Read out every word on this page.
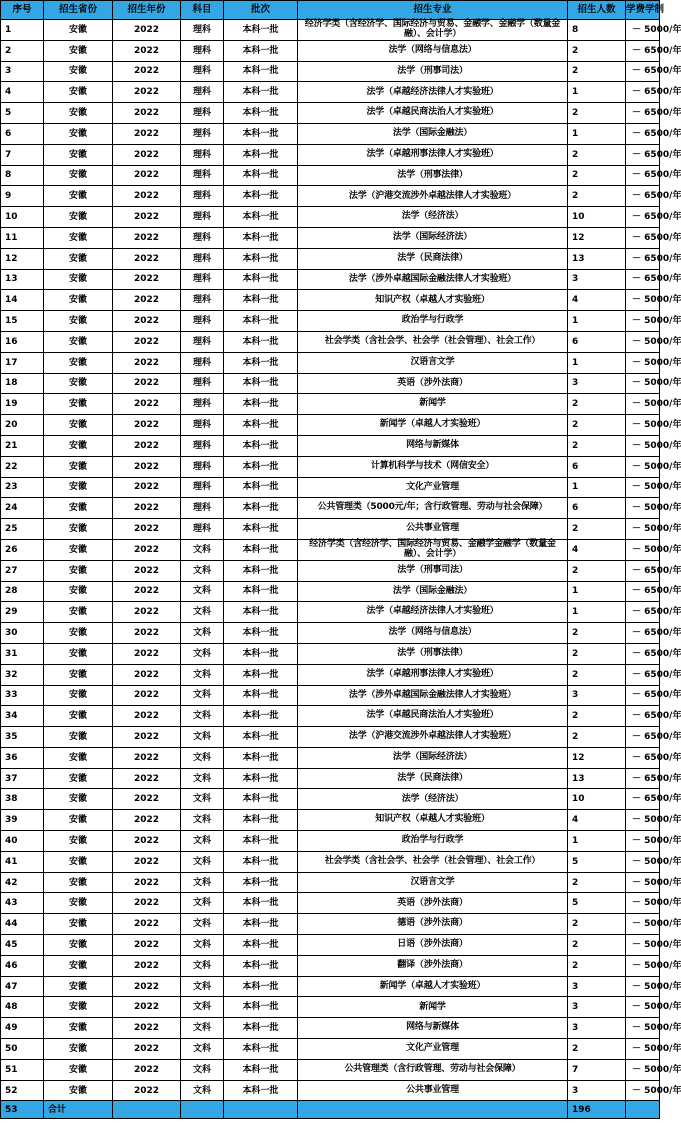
序号	招生省份	招生年份	科目	批次	招生专业	招生人数	学费学制
1	安徽	2022	理科	本科一批	经济学类（含经济学、国际经济与贸易、金融学、金融学（数量金融）、会计学）	8	－ 5000/年
2	安徽	2022	理科	本科一批	法学（网络与信息法）	2	－ 6500/年
3	安徽	2022	理科	本科一批	法学（刑事司法）	2	－ 6500/年
4	安徽	2022	理科	本科一批	法学（卓越经济法律人才实验班）	1	－ 6500/年
5	安徽	2022	理科	本科一批	法学（卓越民商法治人才实验班）	2	－ 6500/年
6	安徽	2022	理科	本科一批	法学（国际金融法）	1	－ 6500/年
7	安徽	2022	理科	本科一批	法学（卓越刑事法律人才实验班）	2	－ 6500/年
8	安徽	2022	理科	本科一批	法学（刑事法律）	2	－ 6500/年
9	安徽	2022	理科	本科一批	法学（沪港交流涉外卓越法律人才实验班）	2	－ 6500/年
10	安徽	2022	理科	本科一批	法学（经济法）	10	－ 6500/年
11	安徽	2022	理科	本科一批	法学（国际经济法）	12	－ 6500/年
12	安徽	2022	理科	本科一批	法学（民商法律）	13	－ 6500/年
13	安徽	2022	理科	本科一批	法学（涉外卓越国际金融法律人才实验班）	3	－ 6500/年
14	安徽	2022	理科	本科一批	知识产权（卓越人才实验班）	4	－ 5000/年
15	安徽	2022	理科	本科一批	政治学与行政学	1	－ 5000/年
16	安徽	2022	理科	本科一批	社会学类（含社会学、社会学（社会管理）、社会工作）	6	－ 5000/年
17	安徽	2022	理科	本科一批	汉语言文学	1	－ 5000/年
18	安徽	2022	理科	本科一批	英语（涉外法商）	3	－ 5000/年
19	安徽	2022	理科	本科一批	新闻学	2	－ 5000/年
20	安徽	2022	理科	本科一批	新闻学（卓越人才实验班）	2	－ 5000/年
21	安徽	2022	理科	本科一批	网络与新媒体	2	－ 5000/年
22	安徽	2022	理科	本科一批	计算机科学与技术（网信安全）	6	－ 5000/年
23	安徽	2022	理科	本科一批	文化产业管理	1	－ 5000/年
24	安徽	2022	理科	本科一批	公共管理类（5000元/年；含行政管理、劳动与社会保障）	6	－ 5000/年
25	安徽	2022	理科	本科一批	公共事业管理	2	－ 5000/年
26	安徽	2022	文科	本科一批	经济学类（含经济学、国际经济与贸易、金融学金融学（数量金融）、会计学）	4	－ 5000/年
27	安徽	2022	文科	本科一批	法学（刑事司法）	2	－ 6500/年
28	安徽	2022	文科	本科一批	法学（国际金融法）	1	－ 6500/年
29	安徽	2022	文科	本科一批	法学（卓越经济法律人才实验班）	1	－ 6500/年
30	安徽	2022	文科	本科一批	法学（网络与信息法）	2	－ 6500/年
31	安徽	2022	文科	本科一批	法学（刑事法律）	2	－ 6500/年
32	安徽	2022	文科	本科一批	法学（卓越刑事法律人才实验班）	2	－ 6500/年
33	安徽	2022	文科	本科一批	法学（涉外卓越国际金融法律人才实验班）	3	－ 6500/年
34	安徽	2022	文科	本科一批	法学（卓越民商法治人才实验班）	2	－ 6500/年
35	安徽	2022	文科	本科一批	法学（沪港交流涉外卓越法律人才实验班）	2	－ 6500/年
36	安徽	2022	文科	本科一批	法学（国际经济法）	12	－ 6500/年
37	安徽	2022	文科	本科一批	法学（民商法律）	13	－ 6500/年
38	安徽	2022	文科	本科一批	法学（经济法）	10	－ 6500/年
39	安徽	2022	文科	本科一批	知识产权（卓越人才实验班）	4	－ 5000/年
40	安徽	2022	文科	本科一批	政治学与行政学	1	－ 5000/年
41	安徽	2022	文科	本科一批	社会学类（含社会学、社会学（社会管理）、社会工作）	5	－ 5000/年
42	安徽	2022	文科	本科一批	汉语言文学	2	－ 5000/年
43	安徽	2022	文科	本科一批	英语（涉外法商）	5	－ 5000/年
44	安徽	2022	文科	本科一批	德语（涉外法商）	2	－ 5000/年
45	安徽	2022	文科	本科一批	日语（涉外法商）	2	－ 5000/年
46	安徽	2022	文科	本科一批	翻译（涉外法商）	2	－ 5000/年
47	安徽	2022	文科	本科一批	新闻学（卓越人才实验班）	3	－ 5000/年
48	安徽	2022	文科	本科一批	新闻学	3	－ 5000/年
49	安徽	2022	文科	本科一批	网络与新媒体	3	－ 5000/年
50	安徽	2022	文科	本科一批	文化产业管理	2	－ 5000/年
51	安徽	2022	文科	本科一批	公共管理类（含行政管理、劳动与社会保障）	7	－ 5000/年
52	安徽	2022	文科	本科一批	公共事业管理	3	－ 5000/年
53	合计					196	
